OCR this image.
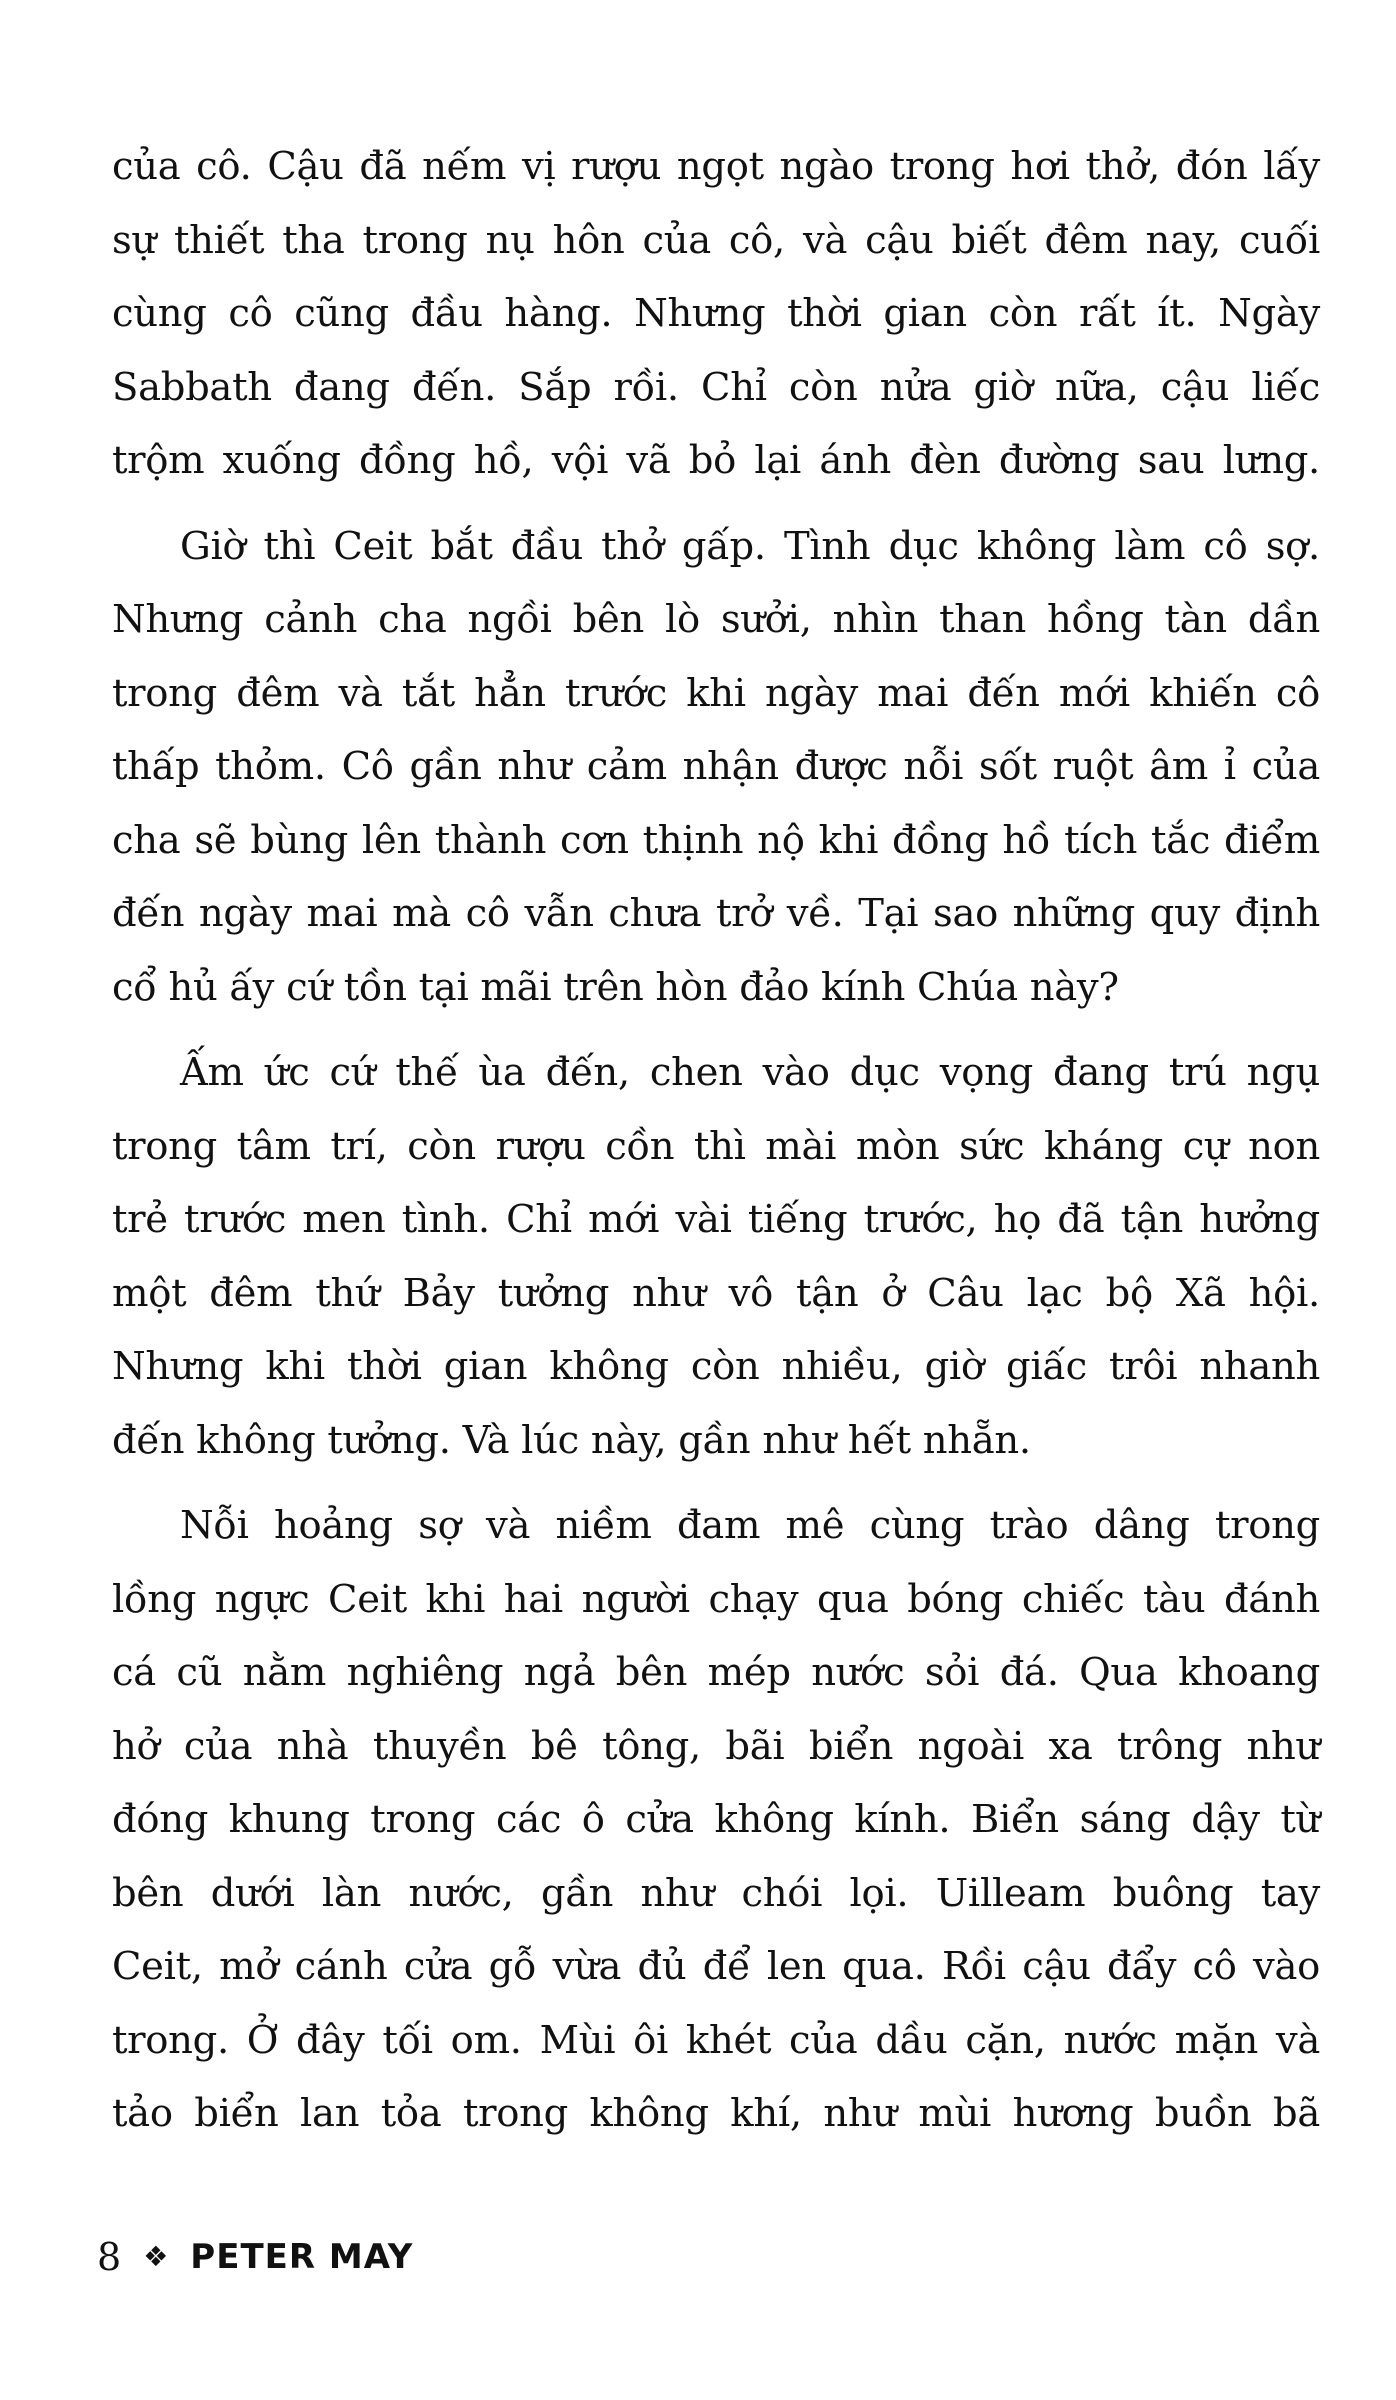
của cô. Cậu đã nếm vị rượu ngọt ngào trong hơi thở, đón lấy
sự thiết tha trong nụ hôn của cô, và cậu biết đêm nay, cuối
cùng cô cũng đầu hàng. Nhưng thời gian còn rất ít. Ngày
Sabbath đang đến. Sắp rồi. Chỉ còn nửa giờ nữa, cậu liếc
trộm xuống đồng hồ, vội vã bỏ lại ánh đèn đường sau lưng.

Giờ thì Ceit bắt đầu thở gấp. Tình dục không làm cô sợ.
Nhưng cảnh cha ngồi bên lò sưởi, nhìn than hồng tàn dần
trong đêm và tắt hẳn trước khi ngày mai đến mới khiến cô
thấp thỏm. Cô gần như cảm nhận được nỗi sốt ruột âm ỉ của
cha sẽ bùng lên thành cơn thịnh nộ khi đồng hồ tích tắc điểm
đến ngày mai mà cô vẫn chưa trở về. Tại sao những quy định
cổ hủ ấy cứ tồn tại mãi trên hòn đảo kính Chúa này?

Ấm ức cứ thế ùa đến, chen vào dục vọng đang trú ngụ
trong tâm trí, còn rượu cồn thì mài mòn sức kháng cự non
trẻ trước men tình. Chỉ mới vài tiếng trước, họ đã tận hưởng
một đêm thứ Bảy tưởng như vô tận ở Câu lạc bộ Xã hội.
Nhưng khi thời gian không còn nhiều, giờ giấc trôi nhanh
đến không tưởng. Và lúc này, gần như hết nhẵn.

Nỗi hoảng sợ và niềm đam mê cùng trào dâng trong
lồng ngực Ceit khi hai người chạy qua bóng chiếc tàu đánh
cá cũ nằm nghiêng ngả bên mép nước sỏi đá. Qua khoang
hở của nhà thuyền bê tông, bãi biển ngoài xa trông như
đóng khung trong các ô cửa không kính. Biển sáng dậy từ
bên dưới làn nước, gần như chói lọi. Uilleam buông tay
Ceit, mở cánh cửa gỗ vừa đủ để len qua. Rồi cậu đẩy cô vào
trong. Ở đây tối om. Mùi ôi khét của dầu cặn, nước mặn và
tảo biển lan tỏa trong không khí, như mùi hương buồn bã

8 ❖ PETER MAY
